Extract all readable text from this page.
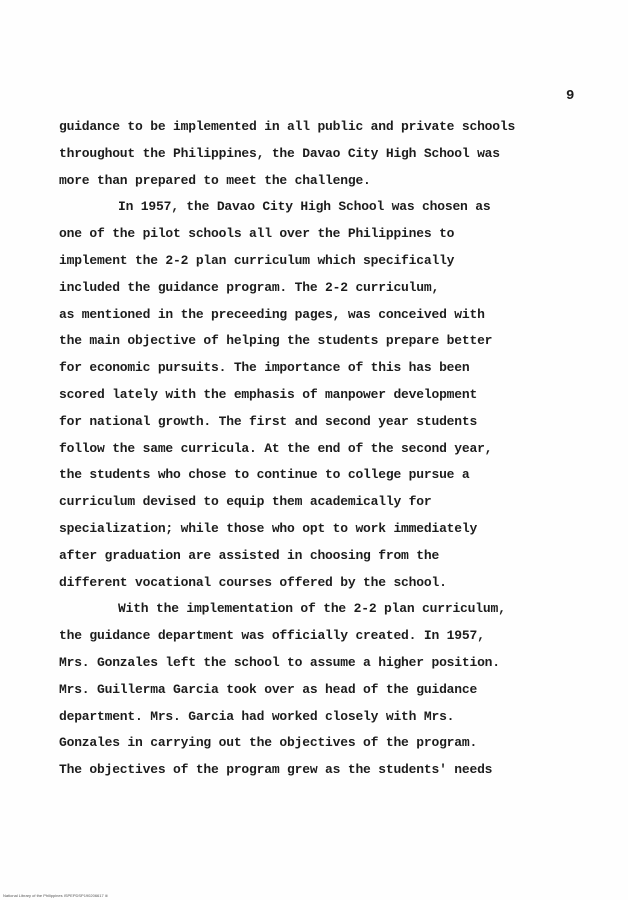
9
guidance to be implemented in all public and private schools
throughout the Philippines, the Davao City High School was
more than prepared to meet the challenge.
In 1957, the Davao City High School was chosen as
one of the pilot schools all over the Philippines to
implement the 2-2 plan curriculum which specifically
included the guidance program. The 2-2 curriculum,
as mentioned in the preceeding pages, was conceived with
the main objective of helping the students prepare better
for economic pursuits. The importance of this has been
scored lately with the emphasis of manpower development
for national growth. The first and second year students
follow the same curricula. At the end of the second year,
the students who chose to continue to college pursue a
curriculum devised to equip them academically for
specialization; while those who opt to work immediately
after graduation are assisted in choosing from the
different vocational courses offered by the school.
With the implementation of the 2-2 plan curriculum,
the guidance department was officially created. In 1957,
Mrs. Gonzales left the school to assume a higher position.
Mrs. Guillerma Garcia took over as head of the guidance
department. Mrs. Garcia had worked closely with Mrs.
Gonzales in carrying out the objectives of the program.
The objectives of the program grew as the students' needs
National Library of the Philippines ISPEPDSP190206617 iii
